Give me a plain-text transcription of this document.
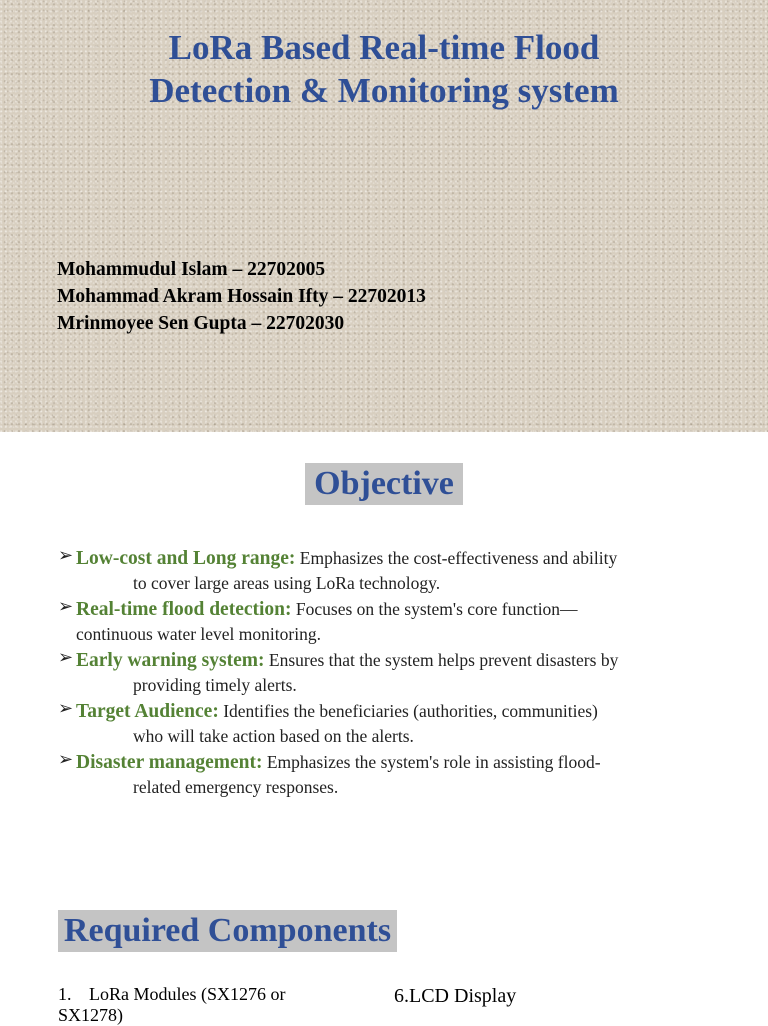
LoRa Based Real-time Flood
Detection & Monitoring system
Mohammudul Islam – 22702005
Mohammad Akram Hossain Ifty – 22702013
Mrinmoyee Sen Gupta – 22702030
Objective
➢ Low-cost and Long range: Emphasizes the cost-effectiveness and ability
to cover large areas using LoRa technology.
➢ Real-time flood detection: Focuses on the system's core function—
continuous water level monitoring.
➢ Early warning system: Ensures that the system helps prevent disasters by
providing timely alerts.
➢ Target Audience: Identifies the beneficiaries (authorities, communities)
who will take action based on the alerts.
➢ Disaster management: Emphasizes the system's role in assisting flood-
related emergency responses.
Required Components
1. LoRa Modules (SX1276 or
SX1278)
6.LCD Display
